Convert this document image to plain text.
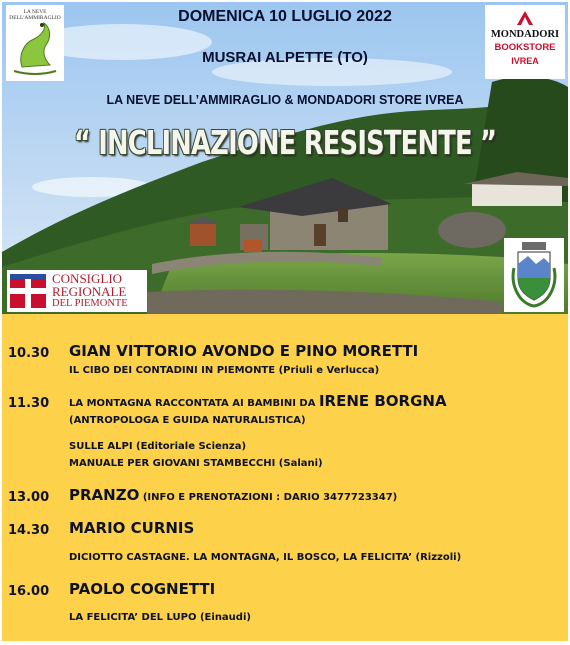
DOMENICA 10 LUGLIO 2022
MUSRAI ALPETTE (TO)
LA NEVE DELL’AMMIRAGLIO & MONDADORI STORE IVREA
“ INCLINAZIONE RESISTENTE ”
LA NEVE DELL'AMMIRAGLIO
MONDADORI
BOOKSTORE
IVREA
CONSIGLIO
REGIONALE
DEL PIEMONTE
10.30 GIAN VITTORIO AVONDO E PINO MORETTI
IL CIBO DEI CONTADINI IN PIEMONTE (Priuli e Verlucca)
11.30 LA MONTAGNA RACCONTATA AI BAMBINI DA IRENE BORGNA
(ANTROPOLOGA E GUIDA NATURALISTICA)
SULLE ALPI (Editoriale Scienza)
MANUALE PER GIOVANI STAMBECCHI (Salani)
13.00 PRANZO (INFO E PRENOTAZIONI : DARIO 3477723347)
14.30 MARIO CURNIS
DICIOTTO CASTAGNE. LA MONTAGNA, IL BOSCO, LA FELICITA’ (Rizzoli)
16.00 PAOLO COGNETTI
LA FELICITA’ DEL LUPO (Einaudi)
